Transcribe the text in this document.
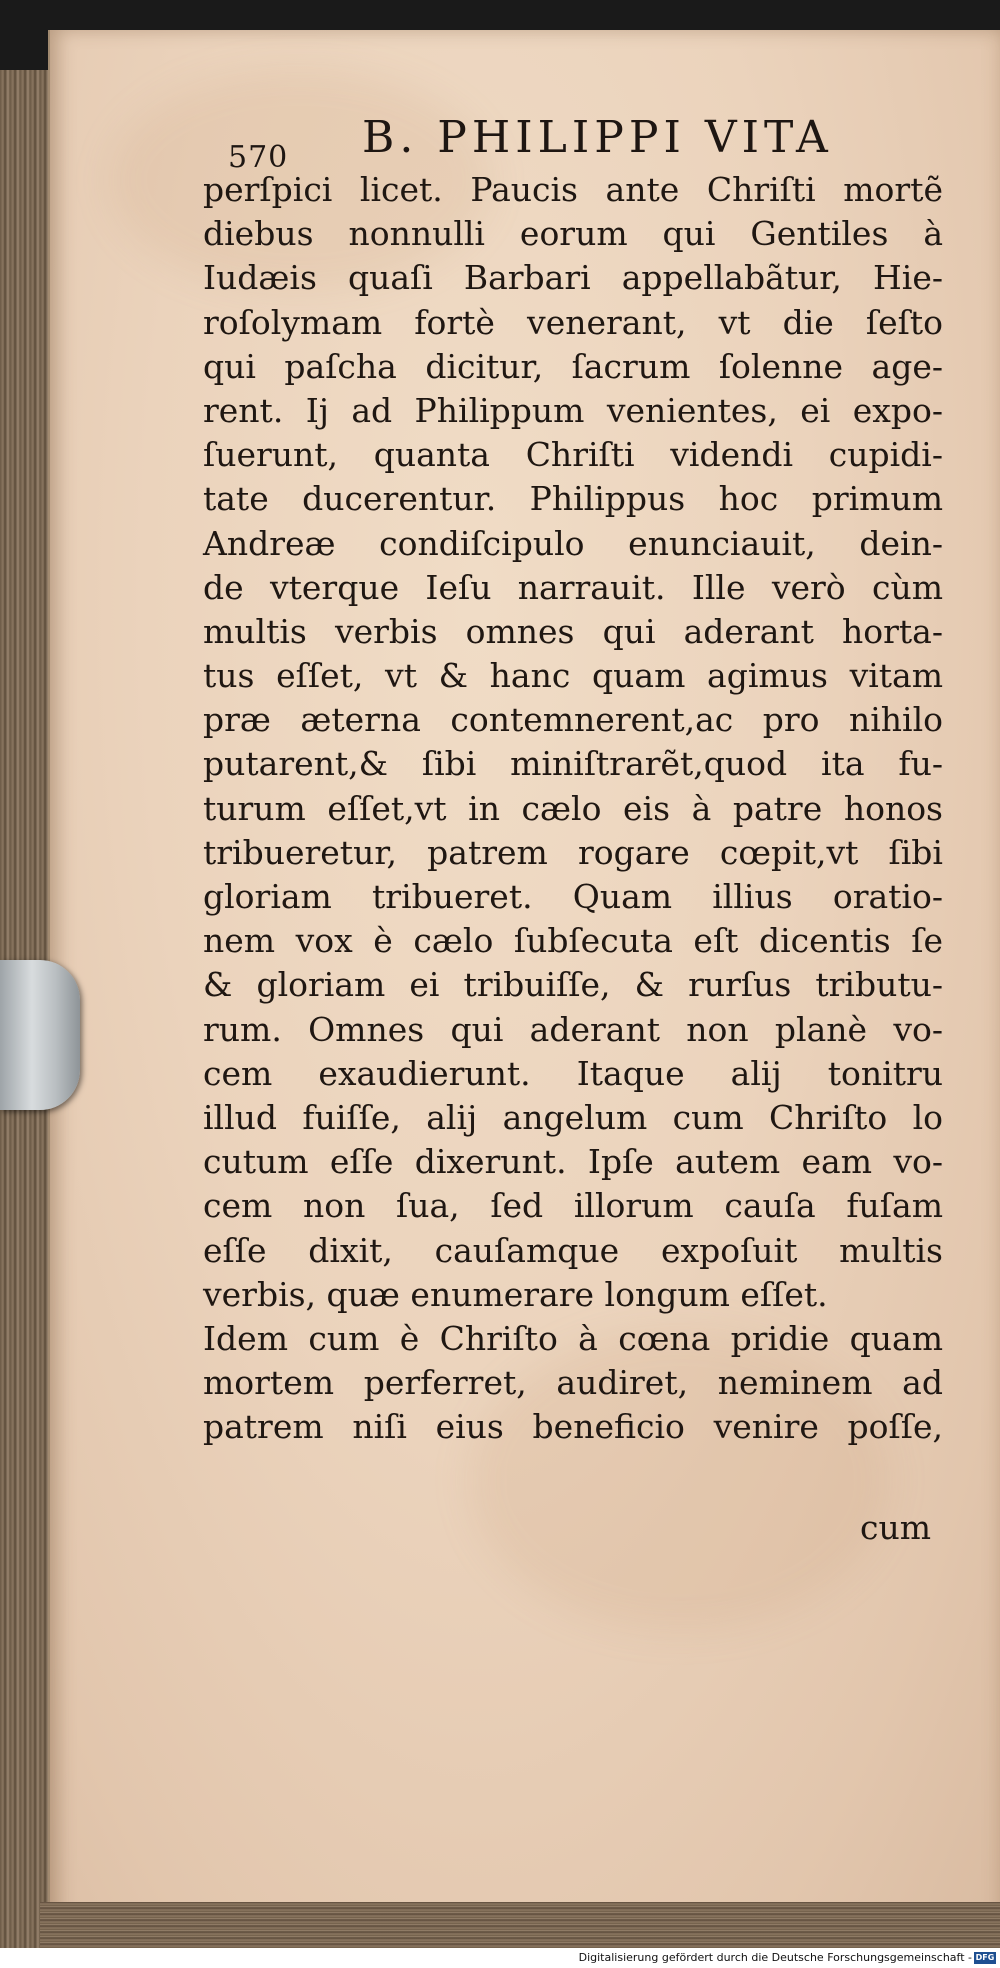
570 B. PHILIPPI VITA
perſpici licet. Paucis ante Chriſti mortẽ
diebus nonnulli eorum qui Gentiles à
Iudæis quaſi Barbari appellabãtur, Hie-
roſolymam fortè venerant, vt die ſeſto
qui paſcha dicitur, ſacrum ſolenne age-
rent. Ij ad Philippum venientes, ei expo-
ſuerunt, quanta Chriſti videndi cupidi-
tate ducerentur. Philippus hoc primum
Andreæ condiſcipulo enunciauit, dein-
de vterque Ieſu narrauit. Ille verò cùm
multis verbis omnes qui aderant horta-
tus eſſet, vt & hanc quam agimus vitam
præ æterna contemnerent,ac pro nihilo
putarent,& ſibi miniſtrarẽt,quod ita fu-
turum eſſet,vt in cælo eis à patre honos
tribueretur, patrem rogare cœpit,vt ſibi
gloriam tribueret. Quam illius oratio-
nem vox è cælo ſubſecuta eſt dicentis ſe
& gloriam ei tribuiſſe, & rurſus tributu-
rum. Omnes qui aderant non planè vo-
cem exaudierunt. Itaque alij tonitru
illud fuiſſe, alij angelum cum Chriſto lo
cutum eſſe dixerunt. Ipſe autem eam vo-
cem non ſua, ſed illorum cauſa fuſam
eſſe dixit, cauſamque expoſuit multis
verbis, quæ enumerare longum eſſet.
Idem cum è Chriſto à cœna pridie quam
mortem perferret, audiret, neminem ad
patrem niſi eius beneficio venire poſſe,
cum
Digitalisierung gefördert durch die Deutsche Forschungsgemeinschaft - DFG
